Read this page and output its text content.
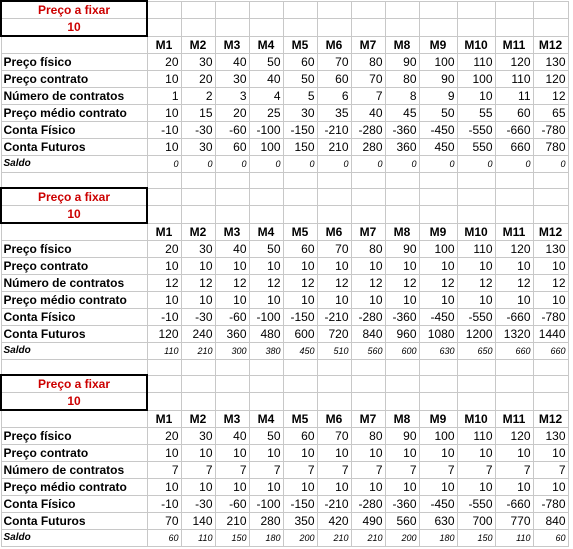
Preço a fixar												
10												
	M1	M2	M3	M4	M5	M6	M7	M8	M9	M10	M11	M12
Preço físico	20	30	40	50	60	70	80	90	100	110	120	130
Preço contrato	10	20	30	40	50	60	70	80	90	100	110	120
Número de contratos	1	2	3	4	5	6	7	8	9	10	11	12
Preço médio contrato	10	15	20	25	30	35	40	45	50	55	60	65
Conta Físico	-10	-30	-60	-100	-150	-210	-280	-360	-450	-550	-660	-780
Conta Futuros	10	30	60	100	150	210	280	360	450	550	660	780
Saldo	0	0	0	0	0	0	0	0	0	0	0	0

Preço a fixar												
10												
	M1	M2	M3	M4	M5	M6	M7	M8	M9	M10	M11	M12
Preço físico	20	30	40	50	60	70	80	90	100	110	120	130
Preço contrato	10	10	10	10	10	10	10	10	10	10	10	10
Número de contratos	12	12	12	12	12	12	12	12	12	12	12	12
Preço médio contrato	10	10	10	10	10	10	10	10	10	10	10	10
Conta Físico	-10	-30	-60	-100	-150	-210	-280	-360	-450	-550	-660	-780
Conta Futuros	120	240	360	480	600	720	840	960	1080	1200	1320	1440
Saldo	110	210	300	380	450	510	560	600	630	650	660	660

Preço a fixar												
10												
	M1	M2	M3	M4	M5	M6	M7	M8	M9	M10	M11	M12
Preço físico	20	30	40	50	60	70	80	90	100	110	120	130
Preço contrato	10	10	10	10	10	10	10	10	10	10	10	10
Número de contratos	7	7	7	7	7	7	7	7	7	7	7	7
Preço médio contrato	10	10	10	10	10	10	10	10	10	10	10	10
Conta Físico	-10	-30	-60	-100	-150	-210	-280	-360	-450	-550	-660	-780
Conta Futuros	70	140	210	280	350	420	490	560	630	700	770	840
Saldo	60	110	150	180	200	210	210	200	180	150	110	60
